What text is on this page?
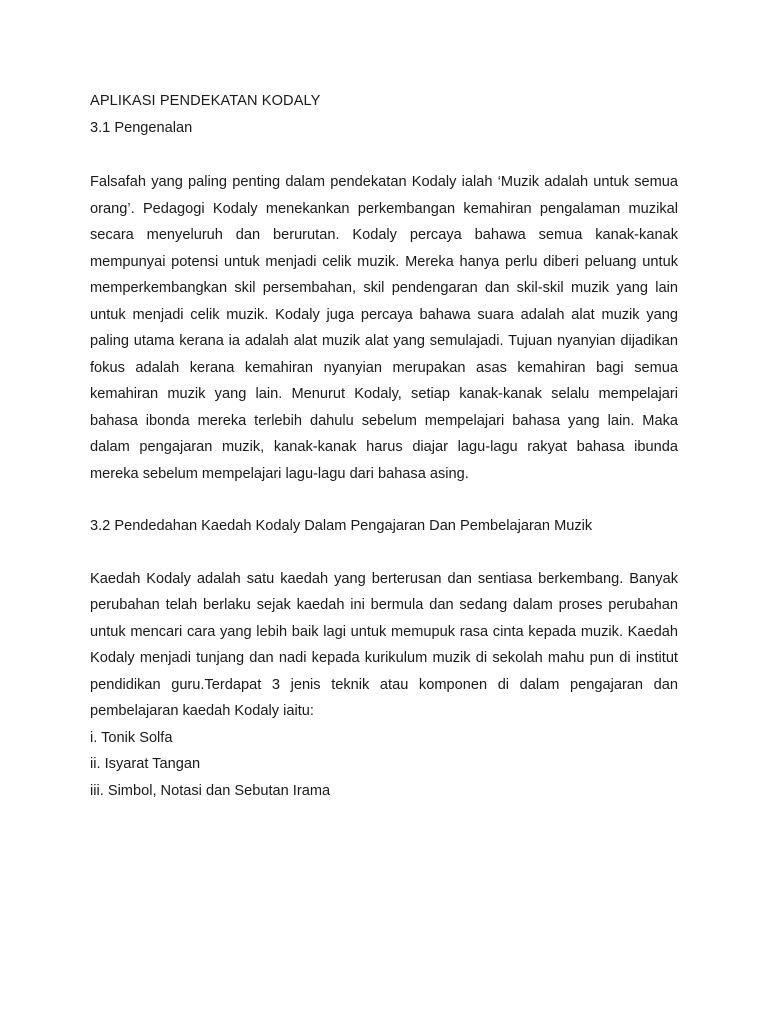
APLIKASI PENDEKATAN KODALY
3.1 Pengenalan

Falsafah yang paling penting dalam pendekatan Kodaly ialah ‘Muzik adalah untuk semua orang’. Pedagogi Kodaly menekankan perkembangan kemahiran pengalaman muzikal secara menyeluruh dan berurutan. Kodaly percaya bahawa semua kanak-kanak mempunyai potensi untuk menjadi celik muzik. Mereka hanya perlu diberi peluang untuk memperkembangkan skil persembahan, skil pendengaran dan skil-skil muzik yang lain untuk menjadi celik muzik. Kodaly juga percaya bahawa suara adalah alat muzik yang paling utama kerana ia adalah alat muzik alat yang semulajadi. Tujuan nyanyian dijadikan fokus adalah kerana kemahiran nyanyian merupakan asas kemahiran bagi semua kemahiran muzik yang lain. Menurut Kodaly, setiap kanak-kanak selalu mempelajari bahasa ibonda mereka terlebih dahulu sebelum mempelajari bahasa yang lain. Maka dalam pengajaran muzik, kanak-kanak harus diajar lagu-lagu rakyat bahasa ibunda mereka sebelum mempelajari lagu-lagu dari bahasa asing.

3.2 Pendedahan Kaedah Kodaly Dalam Pengajaran Dan Pembelajaran Muzik

Kaedah Kodaly adalah satu kaedah yang berterusan dan sentiasa berkembang. Banyak perubahan telah berlaku sejak kaedah ini bermula dan sedang dalam proses perubahan untuk mencari cara yang lebih baik lagi untuk memupuk rasa cinta kepada muzik. Kaedah Kodaly menjadi tunjang dan nadi kepada kurikulum muzik di sekolah mahu pun di institut pendidikan guru.Terdapat 3 jenis teknik atau komponen di dalam pengajaran dan pembelajaran kaedah Kodaly iaitu:

i. Tonik Solfa
ii. Isyarat Tangan
iii. Simbol, Notasi dan Sebutan Irama
